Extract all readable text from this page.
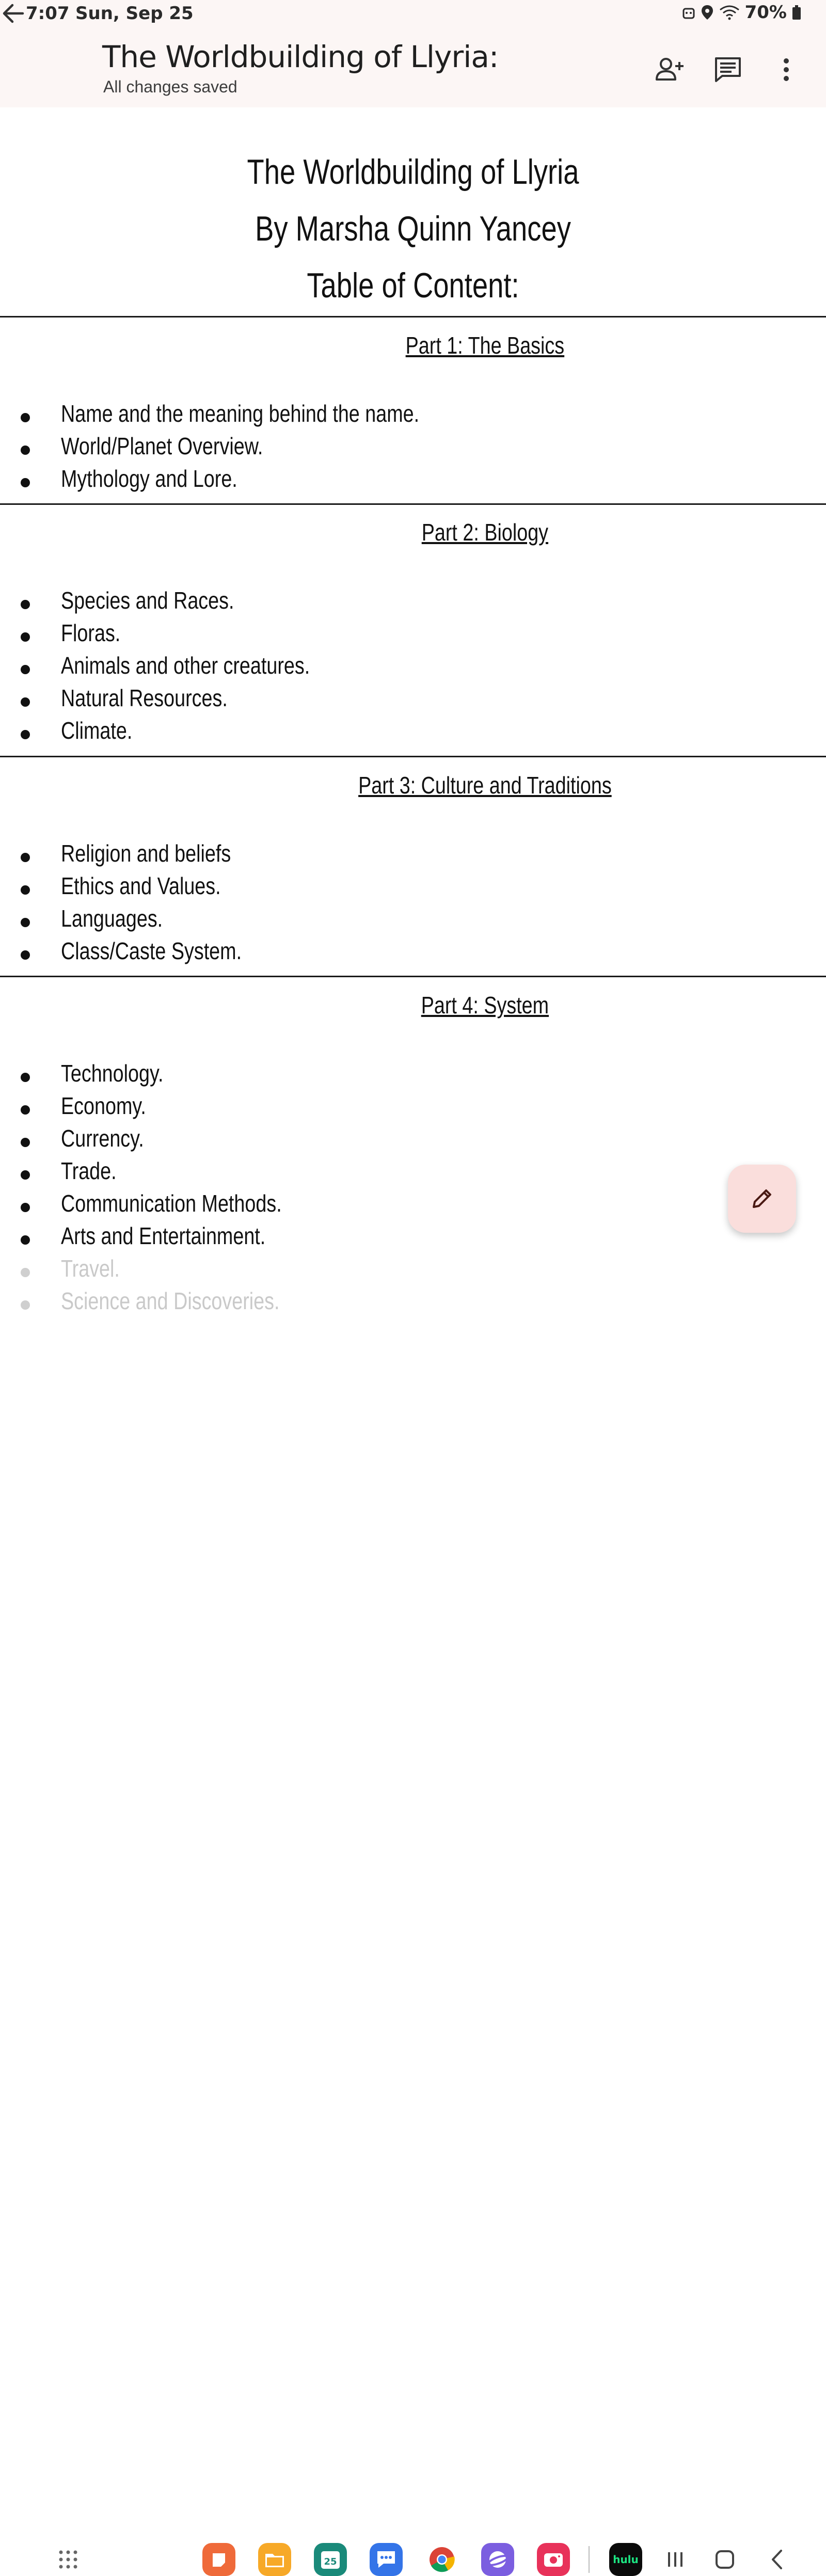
7:07 Sun, Sep 25	70%
The Worldbuilding of Llyria:
All changes saved
The Worldbuilding of Llyria
By Marsha Quinn Yancey
Table of Content:
Part 1: The Basics
Name and the meaning behind the name.
World/Planet Overview.
Mythology and Lore.
Part 2: Biology
Species and Races.
Floras.
Animals and other creatures.
Natural Resources.
Climate.
Part 3: Culture and Traditions
Religion and beliefs
Ethics and Values.
Languages.
Class/Caste System.
Part 4: System
Technology.
Economy.
Currency.
Trade.
Communication Methods.
Arts and Entertainment.
Travel.
Science and Discoveries.
25	hulu
